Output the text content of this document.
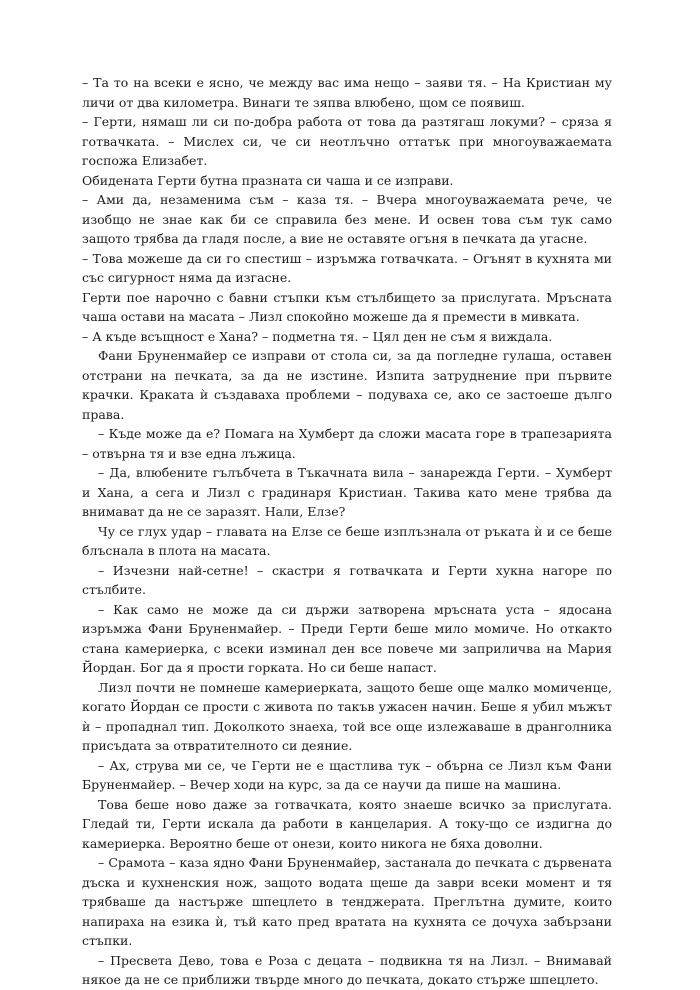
– Та то на всеки е ясно, че между вас има нещо – заяви тя. – На Кристиан му личи от два километра. Винаги те зяпва влюбено, щом се появиш.

– Герти, нямаш ли си по-добра работа от това да разтягаш локуми? – сряза я готвачката. – Мислех си, че си неотлъчно оттатък при многоуважаемата госпожа Елизабет.

Обидената Герти бутна празната си чаша и се изправи.

– Ами да, незаменима съм – каза тя. – Вчера многоуважаемата рече, че изобщо не знае как би се справила без мене. И освен това съм тук само защото трябва да гладя после, а вие не оставяте огъня в печката да угасне.

– Това можеше да си го спестиш – изръмжа готвачката. – Огънят в кухнята ми със сигурност няма да изгасне.

Герти пое нарочно с бавни стъпки към стълбището за прислугата. Мръсната чаша остави на масата – Лизл спокойно можеше да я премести в мивката.

– А къде всъщност е Хана? – подметна тя. – Цял ден не съм я виждала.

Фани Бруненмайер се изправи от стола си, за да погледне гулаша, оставен отстрани на печката, за да не изстине. Изпита затруднение при първите крачки. Краката ѝ създаваха проблеми – подуваха се, ако се застоеше дълго права.

– Къде може да е? Помага на Хумберт да сложи масата горе в трапезарията – отвърна тя и взе една лъжица.

– Да, влюбените гълъбчета в Тъкачната вила – занарежда Герти. – Хумберт и Хана, а сега и Лизл с градинаря Кристиан. Такива като мене трябва да внимават да не се заразят. Нали, Елзе?

Чу се глух удар – главата на Елзе се беше изплъзнала от ръката ѝ и се беше блъснала в плота на масата.

– Изчезни най-сетне! – скастри я готвачката и Герти хукна нагоре по стълбите.

– Как само не може да си държи затворена мръсната уста – ядосана изръмжа Фани Бруненмайер. – Преди Герти беше мило момиче. Но откакто стана камериерка, с всеки изминал ден все повече ми заприличва на Мария Йордан. Бог да я прости горката. Но си беше напаст.

Лизл почти не помнеше камериерката, защото беше още малко момиченце, когато Йордан се прости с живота по такъв ужасен начин. Беше я убил мъжът ѝ – пропаднал тип. Доколкото знаеха, той все още излежаваше в дранголника присъдата за отвратителното си деяние.

– Ах, струва ми се, че Герти не е щастлива тук – обърна се Лизл към Фани Бруненмайер. – Вечер ходи на курс, за да се научи да пише на машина.

Това беше ново даже за готвачката, която знаеше всичко за прислугата. Гледай ти, Герти искала да работи в канцелария. А току-що се издигна до камериерка. Вероятно беше от онези, които никога не бяха доволни.

– Срамота – каза ядно Фани Бруненмайер, застанала до печката с дървената дъска и кухненския нож, защото водата щеше да заври всеки момент и тя трябваше да настърже шпецлето в тенджерата. Преглътна думите, които напираха на езика ѝ, тъй като пред вратата на кухнята се дочуха забързани стъпки.

– Пресвета Дево, това е Роза с децата – подвикна тя на Лизл. – Внимавай някое да не се приближи твърде много до печката, докато стърже шпецлето.
